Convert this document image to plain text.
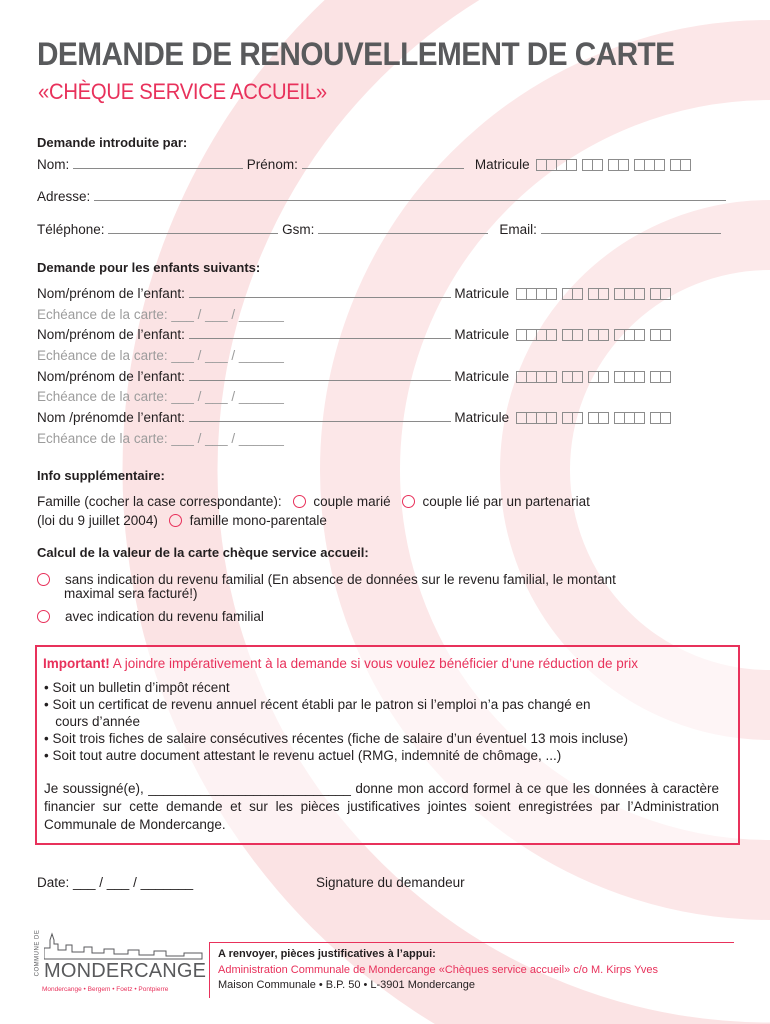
DEMANDE DE RENOUVELLEMENT DE CARTE
«CHÈQUE SERVICE ACCUEIL»
Demande introduite par:
Nom:	Prénom:	Matricule
Adresse:
Téléphone:	Gsm:	Email:
Demande pour les enfants suivants:
Nom/prénom de l’enfant:	Matricule
Echéance de la carte: ___ / ___ / ______
Nom/prénom de l’enfant:	Matricule
Echéance de la carte: ___ / ___ / ______
Nom/prénom de l’enfant:	Matricule
Echéance de la carte: ___ / ___ / ______
Nom /prénomde l’enfant:	Matricule
Echéance de la carte: ___ / ___ / ______
Info supplémentaire:
Famille (cocher la case correspondante): couple marié couple lié par un partenariat
(loi du 9 juillet 2004) famille mono-parentale
Calcul de la valeur de la carte chèque service accueil:
sans indication du revenu familial (En absence de données sur le revenu familial, le montant
maximal sera facturé!)
avec indication du revenu familial
Important! A joindre impérativement à la demande si vous voulez bénéficier d’une réduction de prix
• Soit un bulletin d’impôt récent
• Soit un certificat de revenu annuel récent établi par le patron si l’emploi n’a pas changé en
cours d’année
• Soit trois fiches de salaire consécutives récentes (fiche de salaire d’un éventuel 13 mois incluse)
• Soit tout autre document attestant le revenu actuel (RMG, indemnité de chômage, ...)
Je soussigné(e), ___________________________ donne mon accord formel à ce que les données à caractère financier sur cette demande et sur les pièces justificatives jointes soient enregistrées par l’Administration Communale de Mondercange.
Date: ___ / ___ / _______	Signature du demandeur
COMMUNE DE MONDERCANGE
Mondercange • Bergem • Foetz • Pontpierre
A renvoyer, pièces justificatives à l’appui:
Administration Communale de Mondercange «Chèques service accueil» c/o M. Kirps Yves
Maison Communale • B.P. 50 • L-3901 Mondercange
